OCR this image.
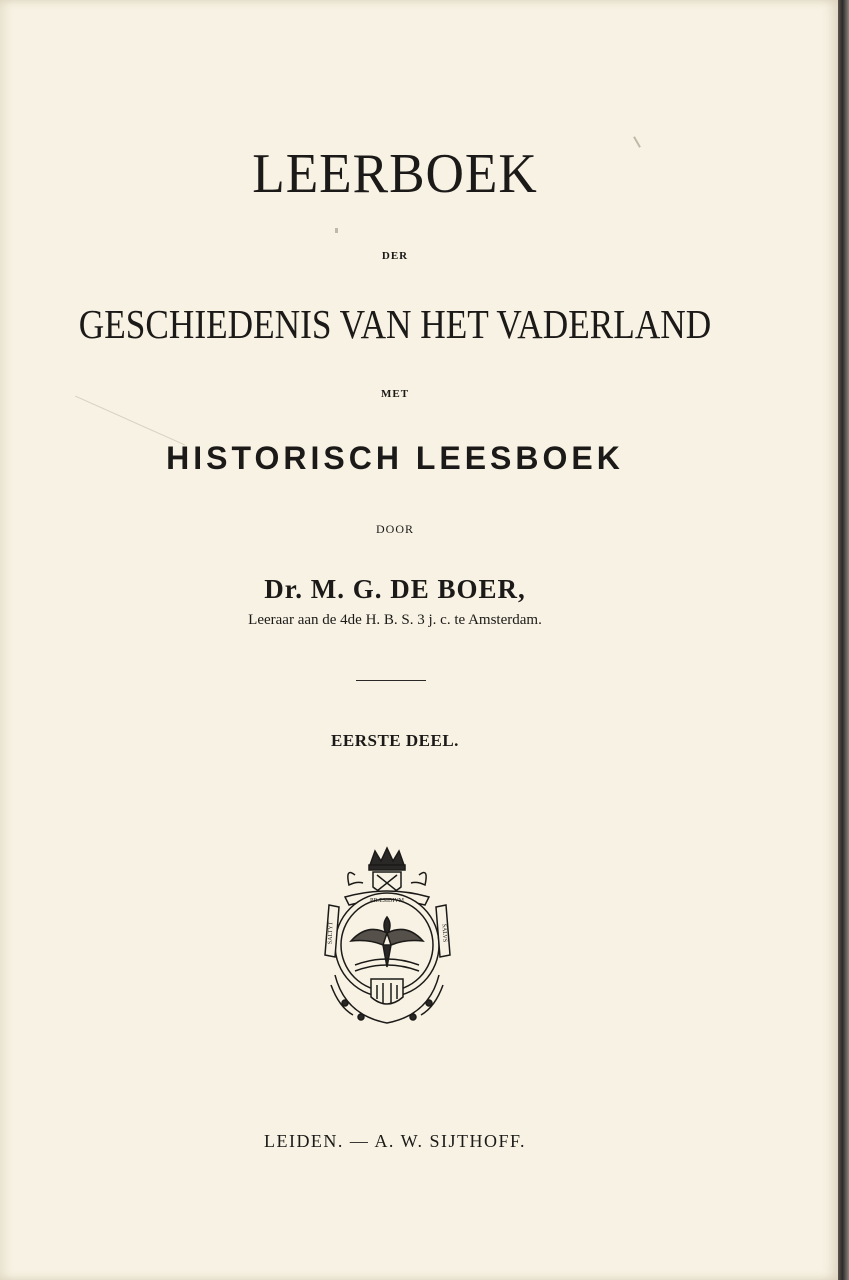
LEERBOEK
DER
GESCHIEDENIS VAN HET VADERLAND
MET
HISTORISCH LEESBOEK
DOOR
Dr. M. G. DE BOER,
Leeraar aan de 4de H. B. S. 3 j. c. te Amsterdam.
EERSTE DEEL.
PRÆSIDIVM
SALTYT	SALVS
LEIDEN. — A. W. SIJTHOFF.
